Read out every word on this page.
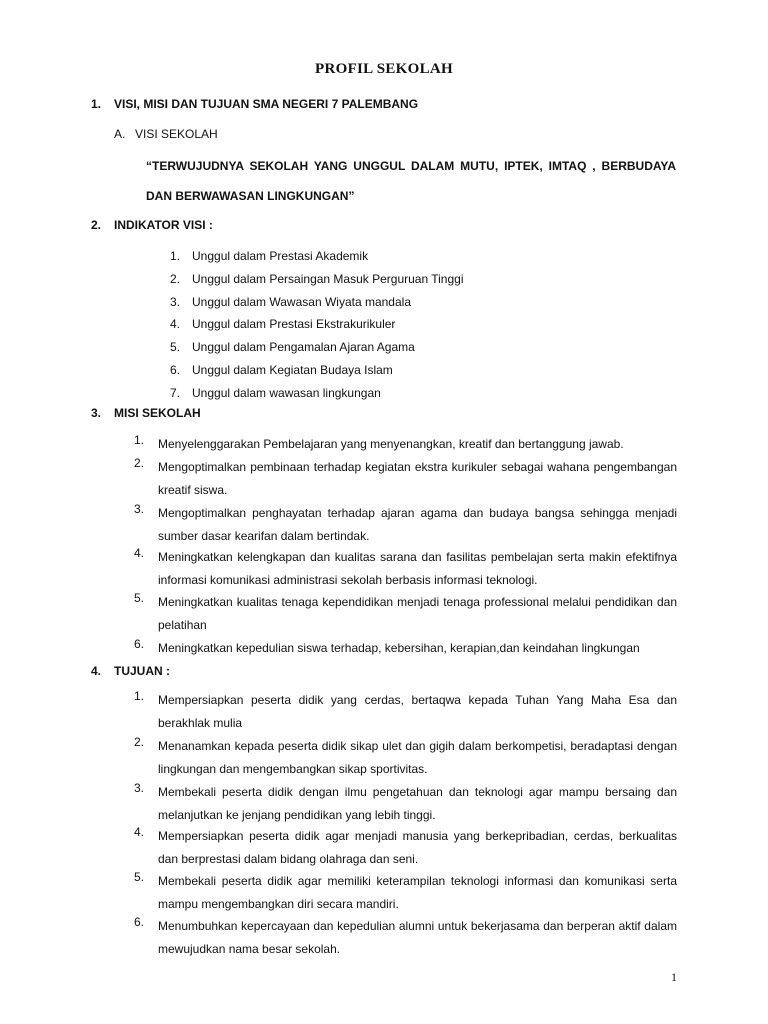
PROFIL SEKOLAH
1.	VISI, MISI DAN TUJUAN SMA NEGERI 7 PALEMBANG
A. VISI SEKOLAH
“TERWUJUDNYA SEKOLAH YANG UNGGUL DALAM MUTU, IPTEK, IMTAQ , BERBUDAYA
DAN BERWAWASAN LINGKUNGAN”
2. INDIKATOR VISI :
1. Unggul dalam Prestasi Akademik
2. Unggul dalam Persaingan Masuk Perguruan Tinggi
3. Unggul dalam Wawasan Wiyata mandala
4. Unggul dalam Prestasi Ekstrakurikuler
5. Unggul dalam Pengamalan Ajaran Agama
6. Unggul dalam Kegiatan Budaya Islam
7. Unggul dalam wawasan lingkungan
3. MISI SEKOLAH
1.	Menyelenggarakan Pembelajaran yang menyenangkan, kreatif dan bertanggung jawab.
2.	Mengoptimalkan pembinaan terhadap kegiatan ekstra kurikuler sebagai wahana pengembangan kreatif siswa.
3.	Mengoptimalkan penghayatan terhadap ajaran agama dan budaya bangsa sehingga menjadi sumber dasar kearifan dalam bertindak.
4.	Meningkatkan kelengkapan dan kualitas sarana dan fasilitas pembelajan serta makin efektifnya informasi komunikasi administrasi sekolah berbasis informasi teknologi.
5.	Meningkatkan kualitas tenaga kependidikan menjadi tenaga professional melalui pendidikan dan pelatihan
6.	Meningkatkan kepedulian siswa terhadap, kebersihan, kerapian,dan keindahan lingkungan
4. TUJUAN :
1.	Mempersiapkan peserta didik yang cerdas, bertaqwa kepada Tuhan Yang Maha Esa dan berakhlak mulia
2.	Menanamkan kepada peserta didik sikap ulet dan gigih dalam berkompetisi, beradaptasi dengan lingkungan dan mengembangkan sikap sportivitas.
3.	Membekali peserta didik dengan ilmu pengetahuan dan teknologi agar mampu bersaing dan melanjutkan ke jenjang pendidikan yang lebih tinggi.
4.	Mempersiapkan peserta didik agar menjadi manusia yang berkepribadian, cerdas, berkualitas dan berprestasi dalam bidang olahraga dan seni.
5.	Membekali peserta didik agar memiliki keterampilan teknologi informasi dan komunikasi serta mampu mengembangkan diri secara mandiri.
6.	Menumbuhkan kepercayaan dan kepedulian alumni untuk bekerjasama dan berperan aktif dalam mewujudkan nama besar sekolah.
1
